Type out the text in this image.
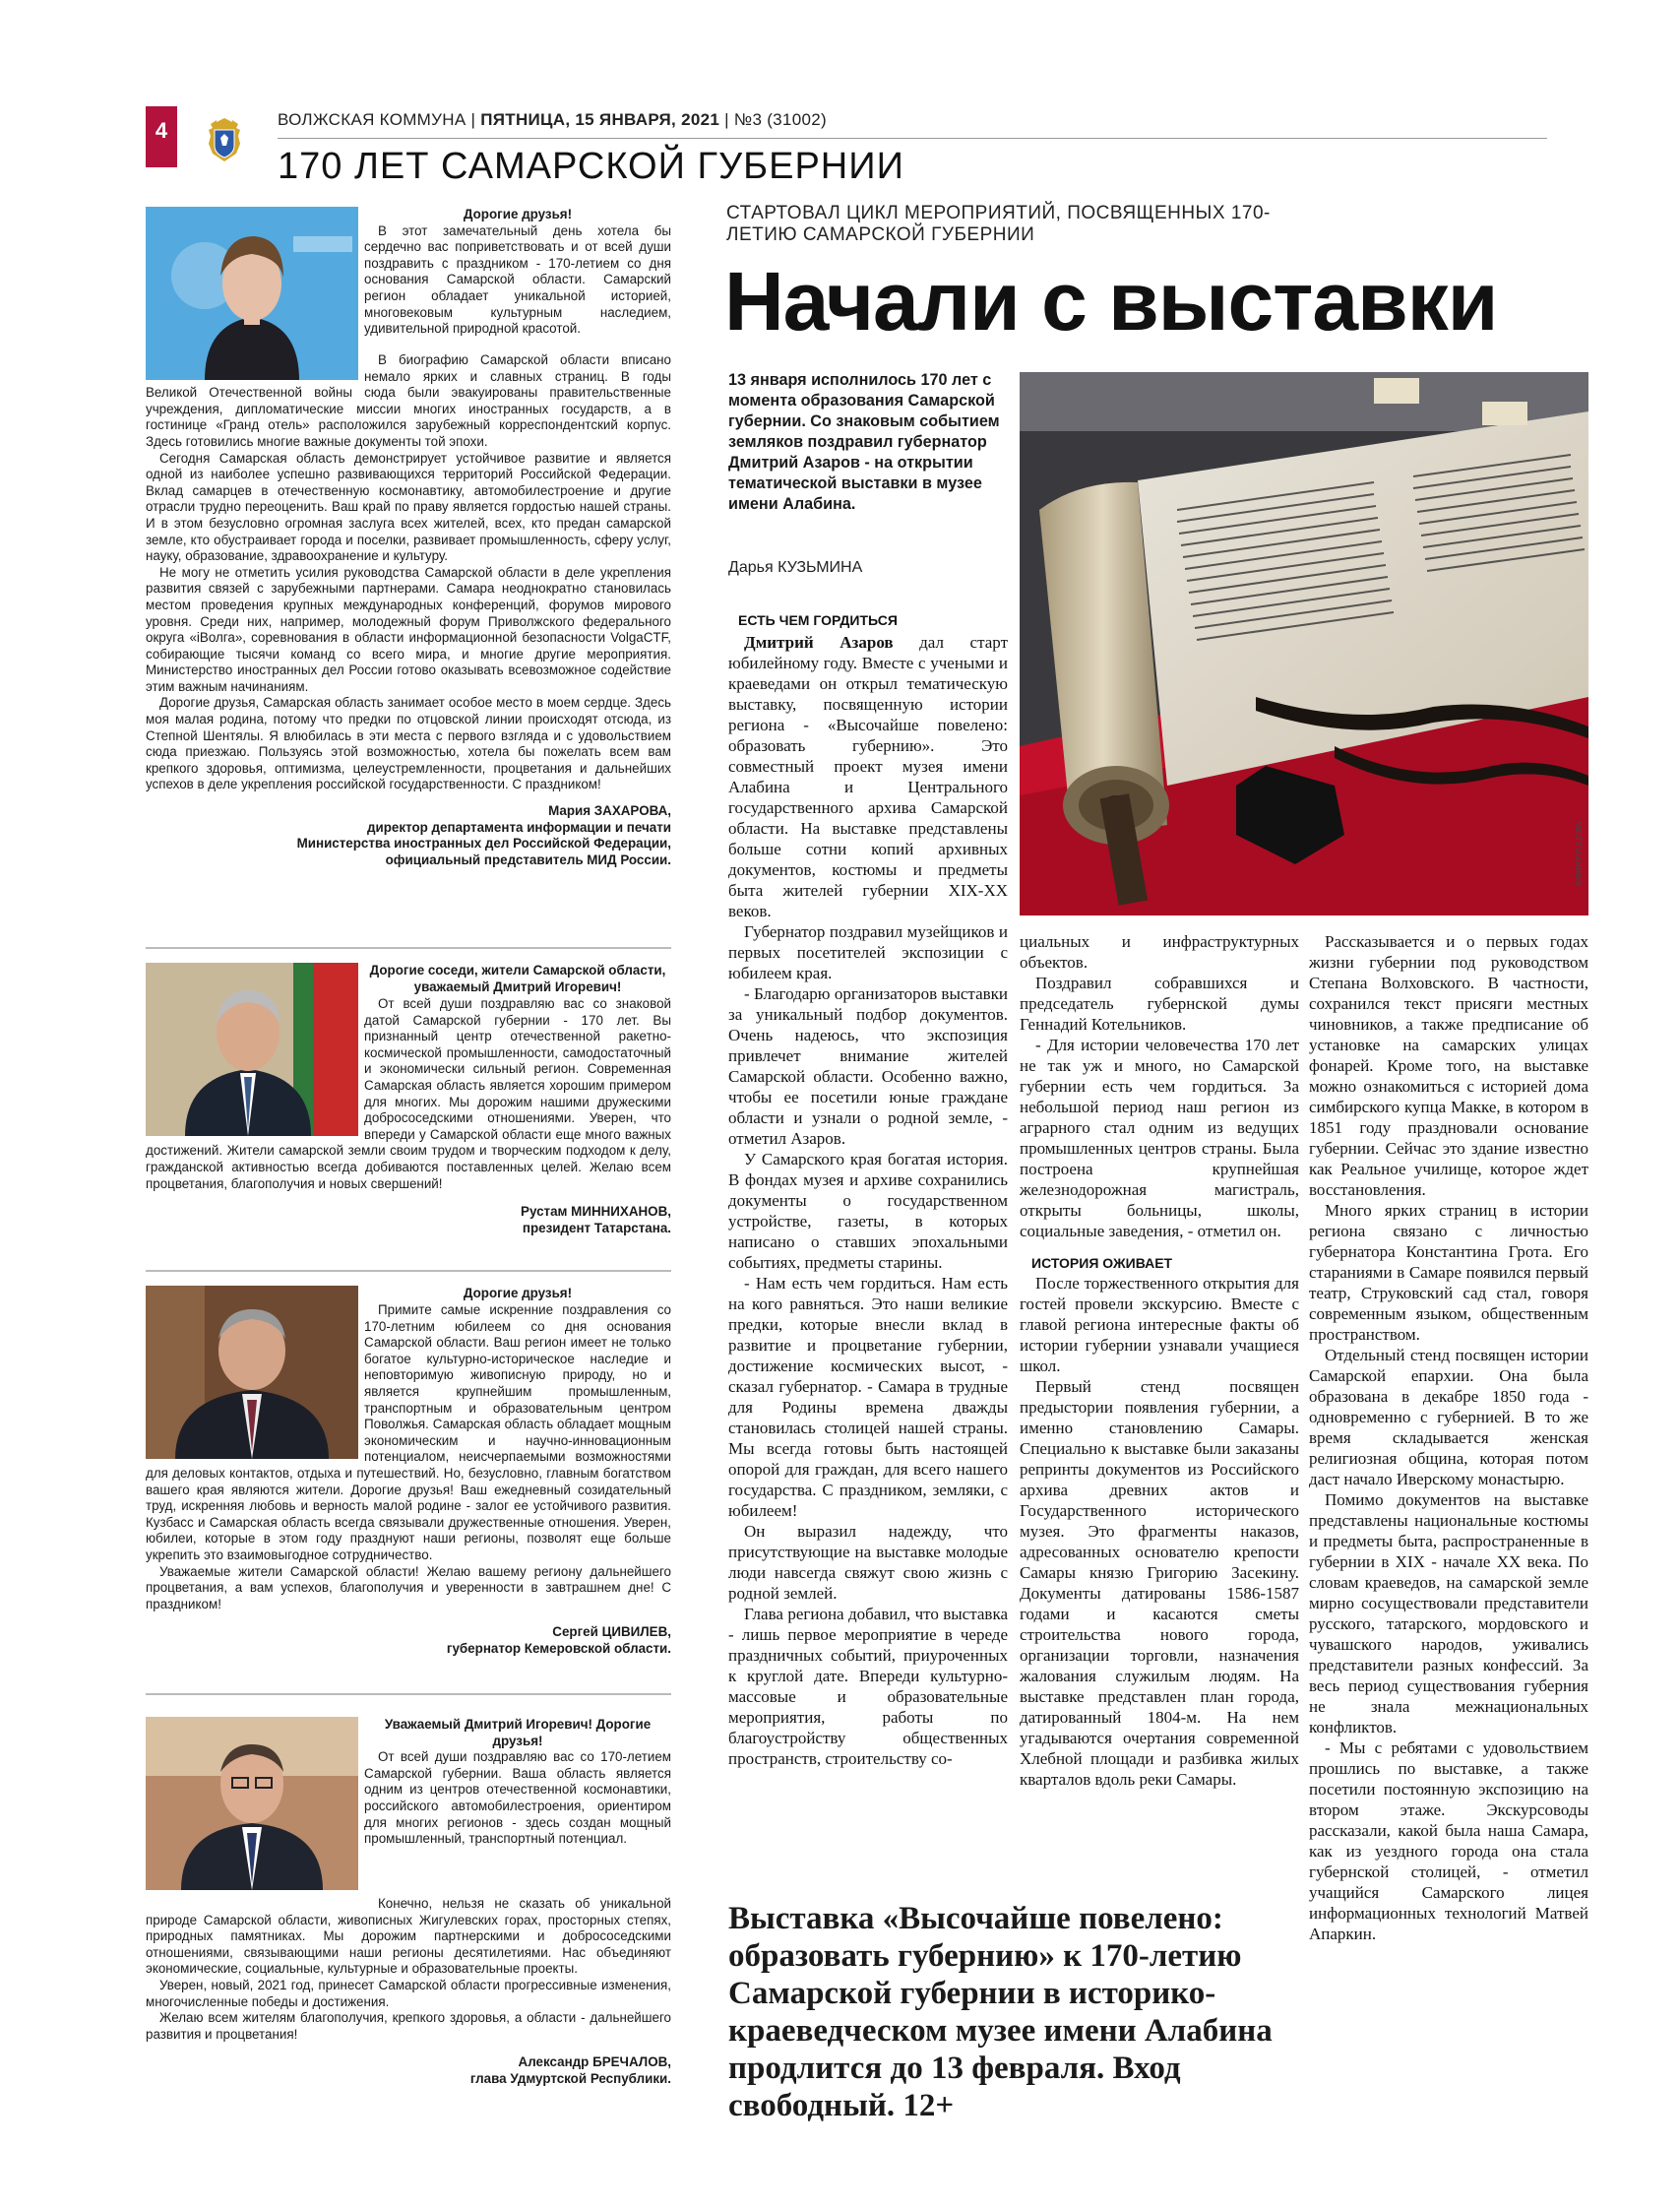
4	ВОЛЖСКАЯ КОММУНА | ПЯТНИЦА, 15 ЯНВАРЯ, 2021 | №3 (31002)
170 ЛЕТ САМАРСКОЙ ГУБЕРНИИ

Дорогие друзья!

В этот замечательный день хотела бы сердечно вас поприветствовать и от всей души поздравить с праздником - 170-летием со дня основания Самарской области. Самарский регион обладает уникальной историей, многовековым культурным наследием, удивительной природной красотой.

В биографию Самарской области вписано немало ярких и славных страниц. В годы Великой Отечественной войны сюда были эвакуированы правительственные учреждения, дипломатические миссии многих иностранных государств, а в гостинице «Гранд отель» расположился зарубежный корреспондентский корпус. Здесь готовились многие важные документы той эпохи.

Сегодня Самарская область демонстрирует устойчивое развитие и является одной из наиболее успешно развивающихся территорий Российской Федерации. Вклад самарцев в отечественную космонавтику, автомобилестроение и другие отрасли трудно переоценить. Ваш край по праву является гордостью нашей страны. И в этом безусловно огромная заслуга всех жителей, всех, кто предан самарской земле, кто обустраивает города и поселки, развивает промышленность, сферу услуг, науку, образование, здравоохранение и культуру.

Не могу не отметить усилия руководства Самарской области в деле укрепления развития связей с зарубежными партнерами. Самара неоднократно становилась местом проведения крупных международных конференций, форумов мирового уровня. Среди них, например, молодежный форум Приволжского федерального округа «iВолга», соревнования в области информационной безопасности VolgaCTF, собирающие тысячи команд со всего мира, и многие другие мероприятия. Министерство иностранных дел России готово оказывать всевозможное содействие этим важным начинаниям.

Дорогие друзья, Самарская область занимает особое место в моем сердце. Здесь моя малая родина, потому что предки по отцовской линии происходят отсюда, из Степной Шентялы. Я влюбилась в эти места с первого взгляда и с удовольствием сюда приезжаю. Пользуясь этой возможностью, хотела бы пожелать всем вам крепкого здоровья, оптимизма, целеустремленности, процветания и дальнейших успехов в деле укрепления российской государственности. С праздником!

Мария ЗАХАРОВА,

директор департамента информации и печати

Министерства иностранных дел Российской Федерации,

официальный представитель МИД России.

Дорогие соседи, жители Самарской области, уважаемый Дмитрий Игоревич!

От всей души поздравляю вас со знаковой датой Самарской губернии - 170 лет. Вы признанный центр отечественной ракетно-космической промышленности, самодостаточный и экономически сильный регион. Современная Самарская область является хорошим примером для многих. Мы дорожим нашими дружескими добрососедскими отношениями. Уверен, что впереди у Самарской области еще много важных достижений. Жители самарской земли своим трудом и творческим подходом к делу, гражданской активностью всегда добиваются поставленных целей. Желаю всем процветания, благополучия и новых свершений!

Рустам МИННИХАНОВ,

президент Татарстана.

Дорогие друзья!

Примите самые искренние поздравления со 170-летним юбилеем со дня основания Самарской области. Ваш регион имеет не только богатое культурно-историческое наследие и неповторимую живописную природу, но и является крупнейшим промышленным, транспортным и образовательным центром Поволжья. Самарская область обладает мощным экономическим и научно-инновационным потенциалом, неисчерпаемыми возможностями для деловых контактов, отдыха и путешествий. Но, безусловно, главным богатством вашего края являются жители. Дорогие друзья! Ваш ежедневный созидательный труд, искренняя любовь и верность малой родине - залог ее устойчивого развития. Кузбасс и Самарская область всегда связывали дружественные отношения. Уверен, юбилеи, которые в этом году празднуют наши регионы, позволят еще больше укрепить это взаимовыгодное сотрудничество.

Уважаемые жители Самарской области! Желаю вашему региону дальнейшего процветания, а вам успехов, благополучия и уверенности в завтрашнем дне! С праздником!

Сергей ЦИВИЛЕВ,

губернатор Кемеровской области.

Уважаемый Дмитрий Игоревич! Дорогие друзья!

От всей души поздравляю вас со 170-летием Самарской губернии. Ваша область является одним из центров отечественной космонавтики, российского автомобилестроения, ориентиром для многих регионов - здесь создан мощный промышленный, транспортный потенциал.

Конечно, нельзя не сказать об уникальной природе Самарской области, живописных Жигулевских горах, просторных степях, природных памятниках. Мы дорожим партнерскими и добрососедскими отношениями, связывающими наши регионы десятилетиями. Нас объединяют экономические, социальные, культурные и образовательные проекты.

Уверен, новый, 2021 год, принесет Самарской области прогрессивные изменения, многочисленные победы и достижения.

Желаю всем жителям благополучия, крепкого здоровья, а области - дальнейшего развития и процветания!

Александр БРЕЧАЛОВ,

глава Удмуртской Республики.

СТАРТОВАЛ ЦИКЛ МЕРОПРИЯТИЙ, ПОСВЯЩЕННЫХ 170-ЛЕТИЮ САМАРСКОЙ ГУБЕРНИИ
Начали с выставки
13 января исполнилось 170 лет с момента образования Самарской губернии. Со знаковым событием земляков поздравил губернатор Дмитрий Азаров - на открытии тематической выставки в музее имени Алабина.
Дарья КУЗЬМИНА
ЮЛИЯ РУЦЦОВА
ЕСТЬ ЧЕМ ГОРДИТЬСЯ

Дмитрий Азаров дал старт юбилейному году. Вместе с учеными и краеведами он открыл тематическую выставку, посвященную истории региона - «Высочайше повелено: образовать губернию». Это совместный проект музея имени Алабина и Центрального государственного архива Самарской области. На выставке представлены больше сотни копий архивных документов, костюмы и предметы быта жителей губернии XIX-XX веков.

Губернатор поздравил музейщиков и первых посетителей экспозиции с юбилеем края.

- Благодарю организаторов выставки за уникальный подбор документов. Очень надеюсь, что экспозиция привлечет внимание жителей Самарской области. Особенно важно, чтобы ее посетили юные граждане области и узнали о родной земле, - отметил Азаров.

У Самарского края богатая история. В фондах музея и архиве сохранились документы о государственном устройстве, газеты, в которых написано о ставших эпохальными событиях, предметы старины.

- Нам есть чем гордиться. Нам есть на кого равняться. Это наши великие предки, которые внесли вклад в развитие и процветание губернии, достижение космических высот, - сказал губернатор. - Самара в трудные для Родины времена дважды становилась столицей нашей страны. Мы всегда готовы быть настоящей опорой для граждан, для всего нашего государства. С праздником, земляки, с юбилеем!

Он выразил надежду, что присутствующие на выставке молодые люди навсегда свяжут свою жизнь с родной землей.

Глава региона добавил, что выставка - лишь первое мероприятие в череде праздничных событий, приуроченных к круглой дате. Впереди культурно-массовые и образовательные мероприятия, работы по благоустройству общественных пространств, строительству со-

циальных и инфраструктурных объектов.

Поздравил собравшихся и председатель губернской думы Геннадий Котельников.

- Для истории человечества 170 лет не так уж и много, но Самарской губернии есть чем гордиться. За небольшой период наш регион из аграрного стал одним из ведущих промышленных центров страны. Была построена крупнейшая железнодорожная магистраль, открыты больницы, школы, социальные заведения, - отметил он.

ИСТОРИЯ ОЖИВАЕТ

После торжественного открытия для гостей провели экскурсию. Вместе с главой региона интересные факты об истории губернии узнавали учащиеся школ.

Первый стенд посвящен предыстории появления губернии, а именно становлению Самары. Специально к выставке были заказаны репринты документов из Российского архива древних актов и Государственного исторического музея. Это фрагменты наказов, адресованных основателю крепости Самары князю Григорию Засекину. Документы датированы 1586-1587 годами и касаются сметы строительства нового города, организации торговли, назначения жалования служилым людям. На выставке представлен план города, датированный 1804-м. На нем угадываются очертания современной Хлебной площади и разбивка жилых кварталов вдоль реки Самары.

Рассказывается и о первых годах жизни губернии под руководством Степана Волховского. В частности, сохранился текст присяги местных чиновников, а также предписание об установке на самарских улицах фонарей. Кроме того, на выставке можно ознакомиться с историей дома симбирского купца Макке, в котором в 1851 году праздновали основание губернии. Сейчас это здание известно как Реальное училище, которое ждет восстановления.

Много ярких страниц в истории региона связано с личностью губернатора Константина Грота. Его стараниями в Самаре появился первый театр, Струковский сад стал, говоря современным языком, общественным пространством.

Отдельный стенд посвящен истории Самарской епархии. Она была образована в декабре 1850 года - одновременно с губернией. В то же время складывается женская религиозная община, которая потом даст начало Иверскому монастырю.

Помимо документов на выставке представлены национальные костюмы и предметы быта, распространенные в губернии в XIX - начале XX века. По словам краеведов, на самарской земле мирно сосуществовали представители русского, татарского, мордовского и чувашского народов, уживались представители разных конфессий. За весь период существования губерния не знала межнациональных конфликтов.

- Мы с ребятами с удовольствием прошлись по выставке, а также посетили постоянную экспозицию на втором этаже. Экскурсоводы рассказали, какой была наша Самара, как из уездного города она стала губернской столицей, - отметил учащийся Самарского лицея информационных технологий Матвей Апаркин.

Выставка «Высочайше повелено: образовать губернию» к 170-летию Самарской губернии в историко-краеведческом музее имени Алабина продлится до 13 февраля. Вход свободный. 12+
